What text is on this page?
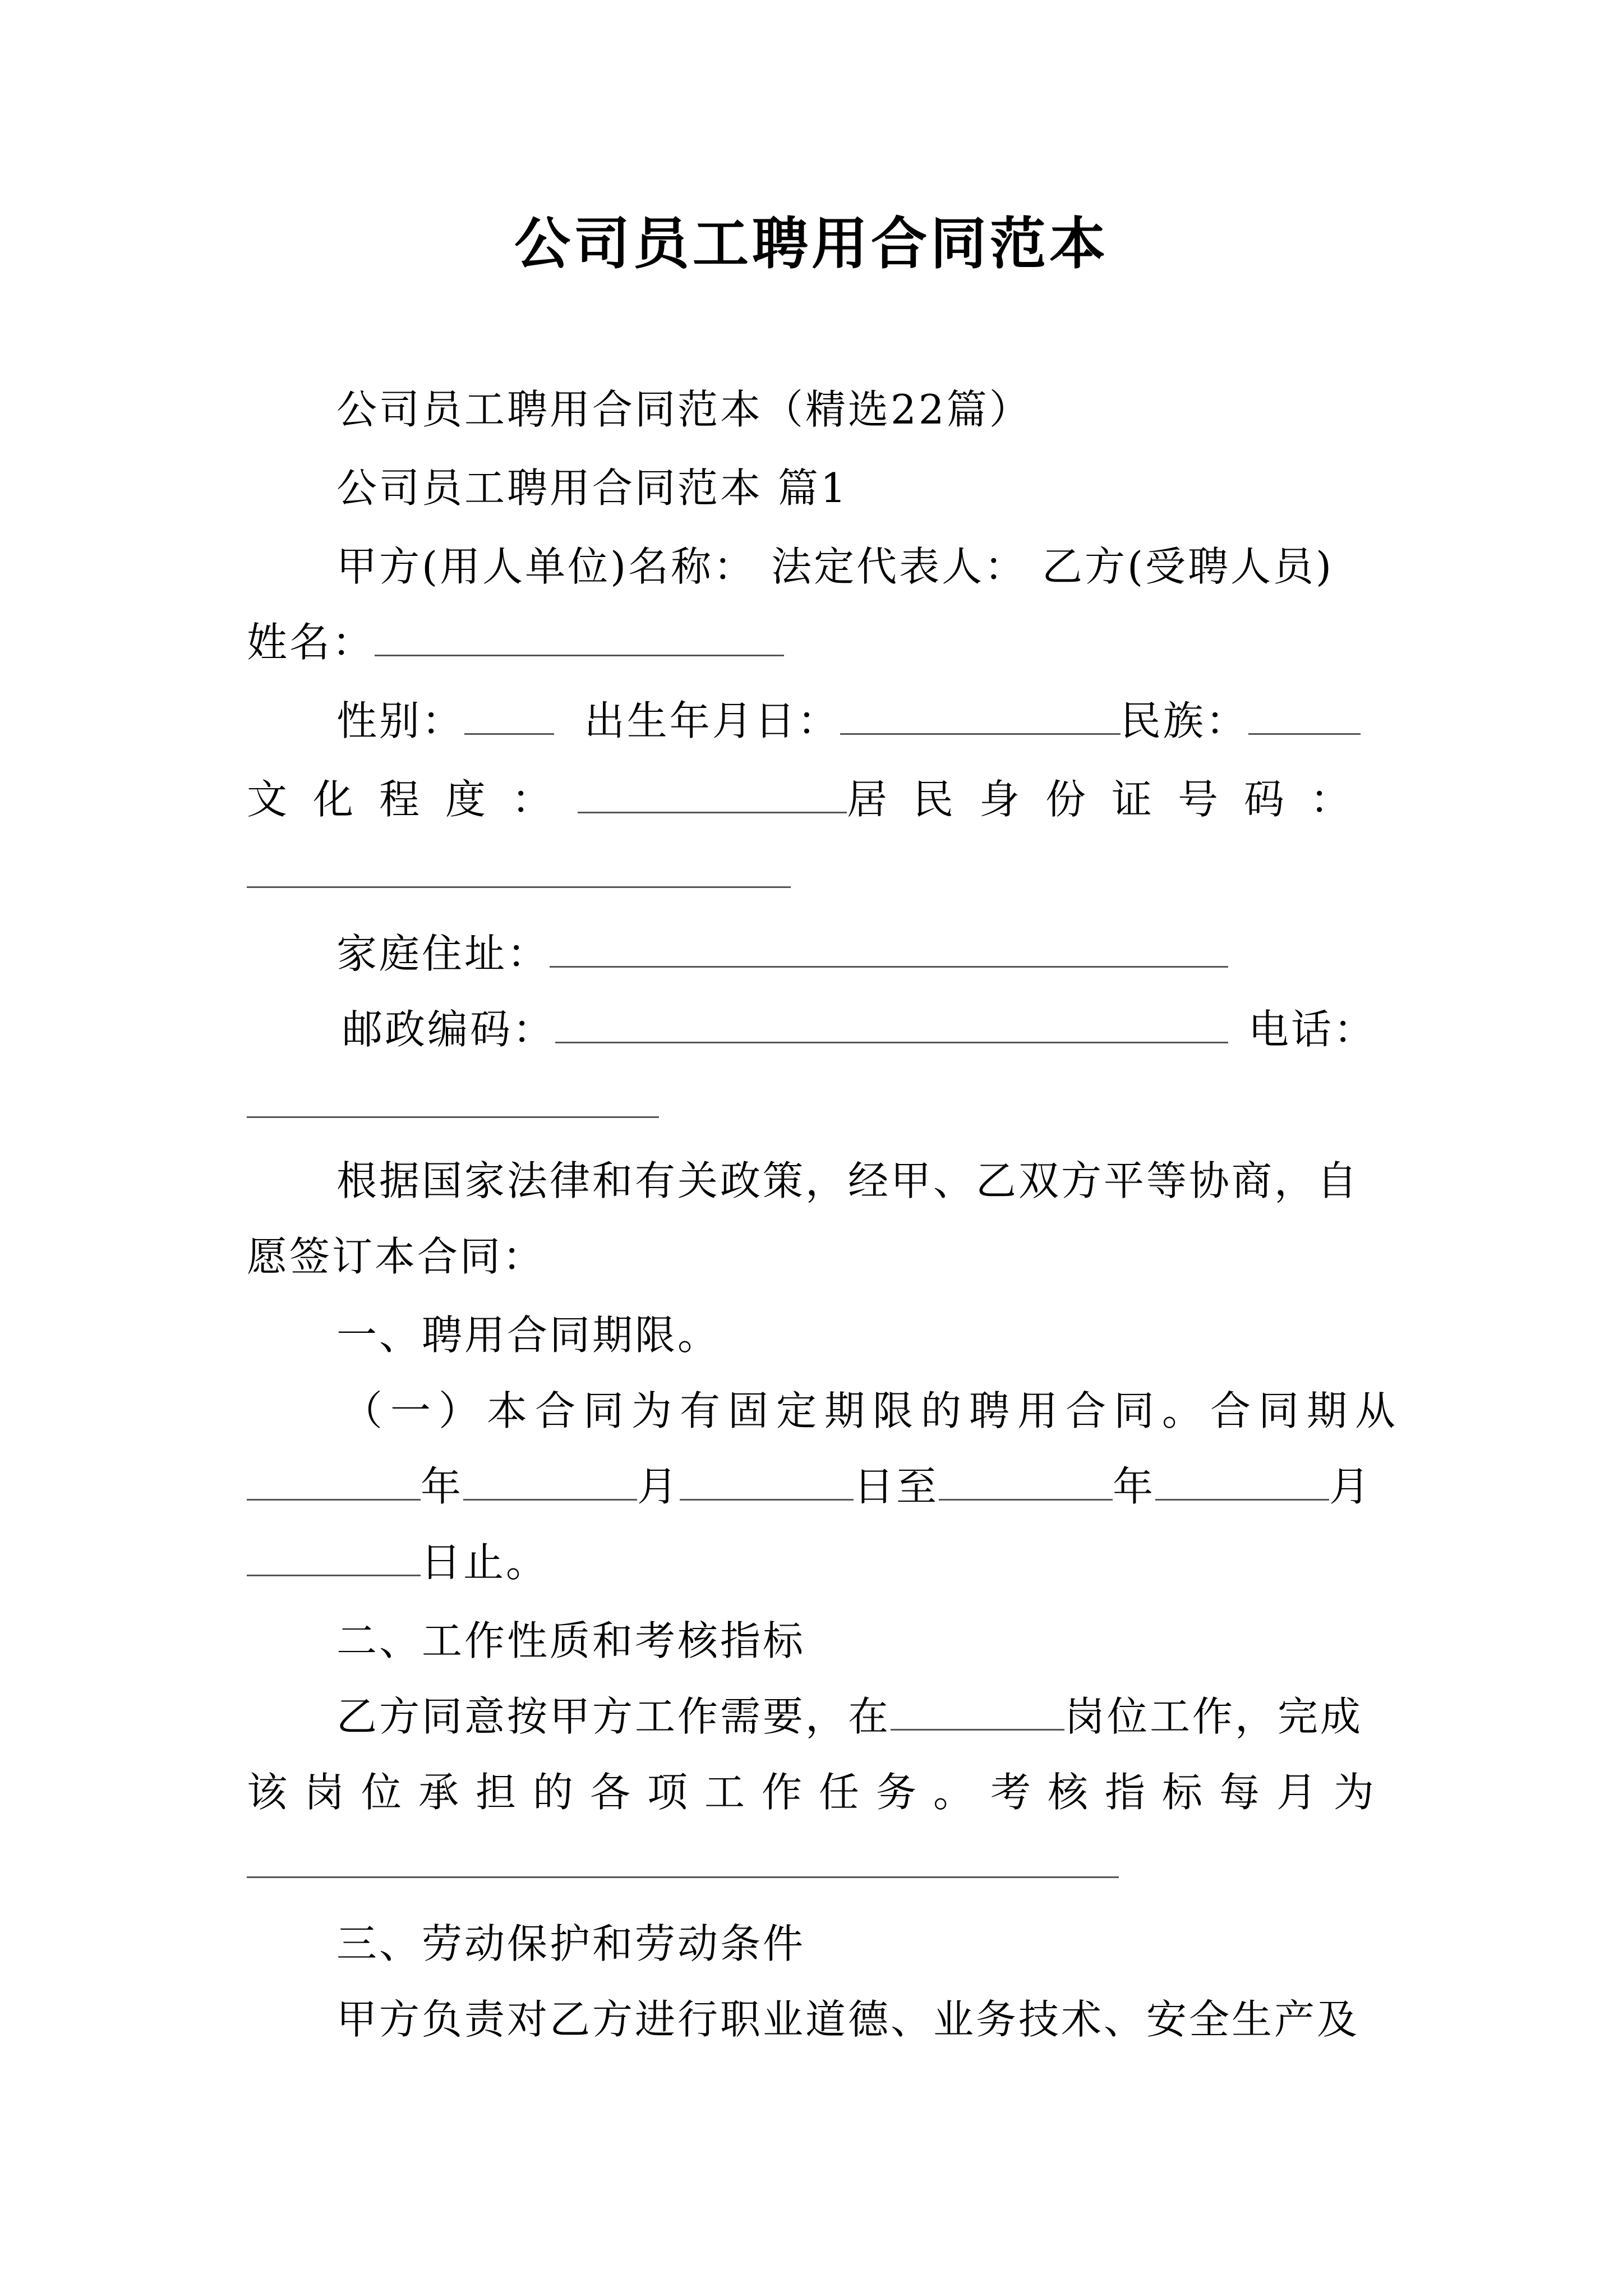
公司员工聘用合同范本
公司员工聘用合同范本（精选22篇）
公司员工聘用合同范本 篇1
甲方(用人单位)名称： 法定代表人： 乙方(受聘人员)
姓名：
性别：	出生年月日：	民族：
文化程度：	居民身份证号码：
家庭住址：
邮政编码：	电话：
根据国家法律和有关政策，经甲、乙双方平等协商，自
愿签订本合同：
一、聘用合同期限。
（一）本合同为有固定期限的聘用合同。合同期从
年	月	日至	年	月
日止。
二、工作性质和考核指标
乙方同意按甲方工作需要，在	岗位工作，完成
该岗位承担的各项工作任务。 考核指标每月为
三、劳动保护和劳动条件
甲方负责对乙方进行职业道德、业务技术、安全生产及
